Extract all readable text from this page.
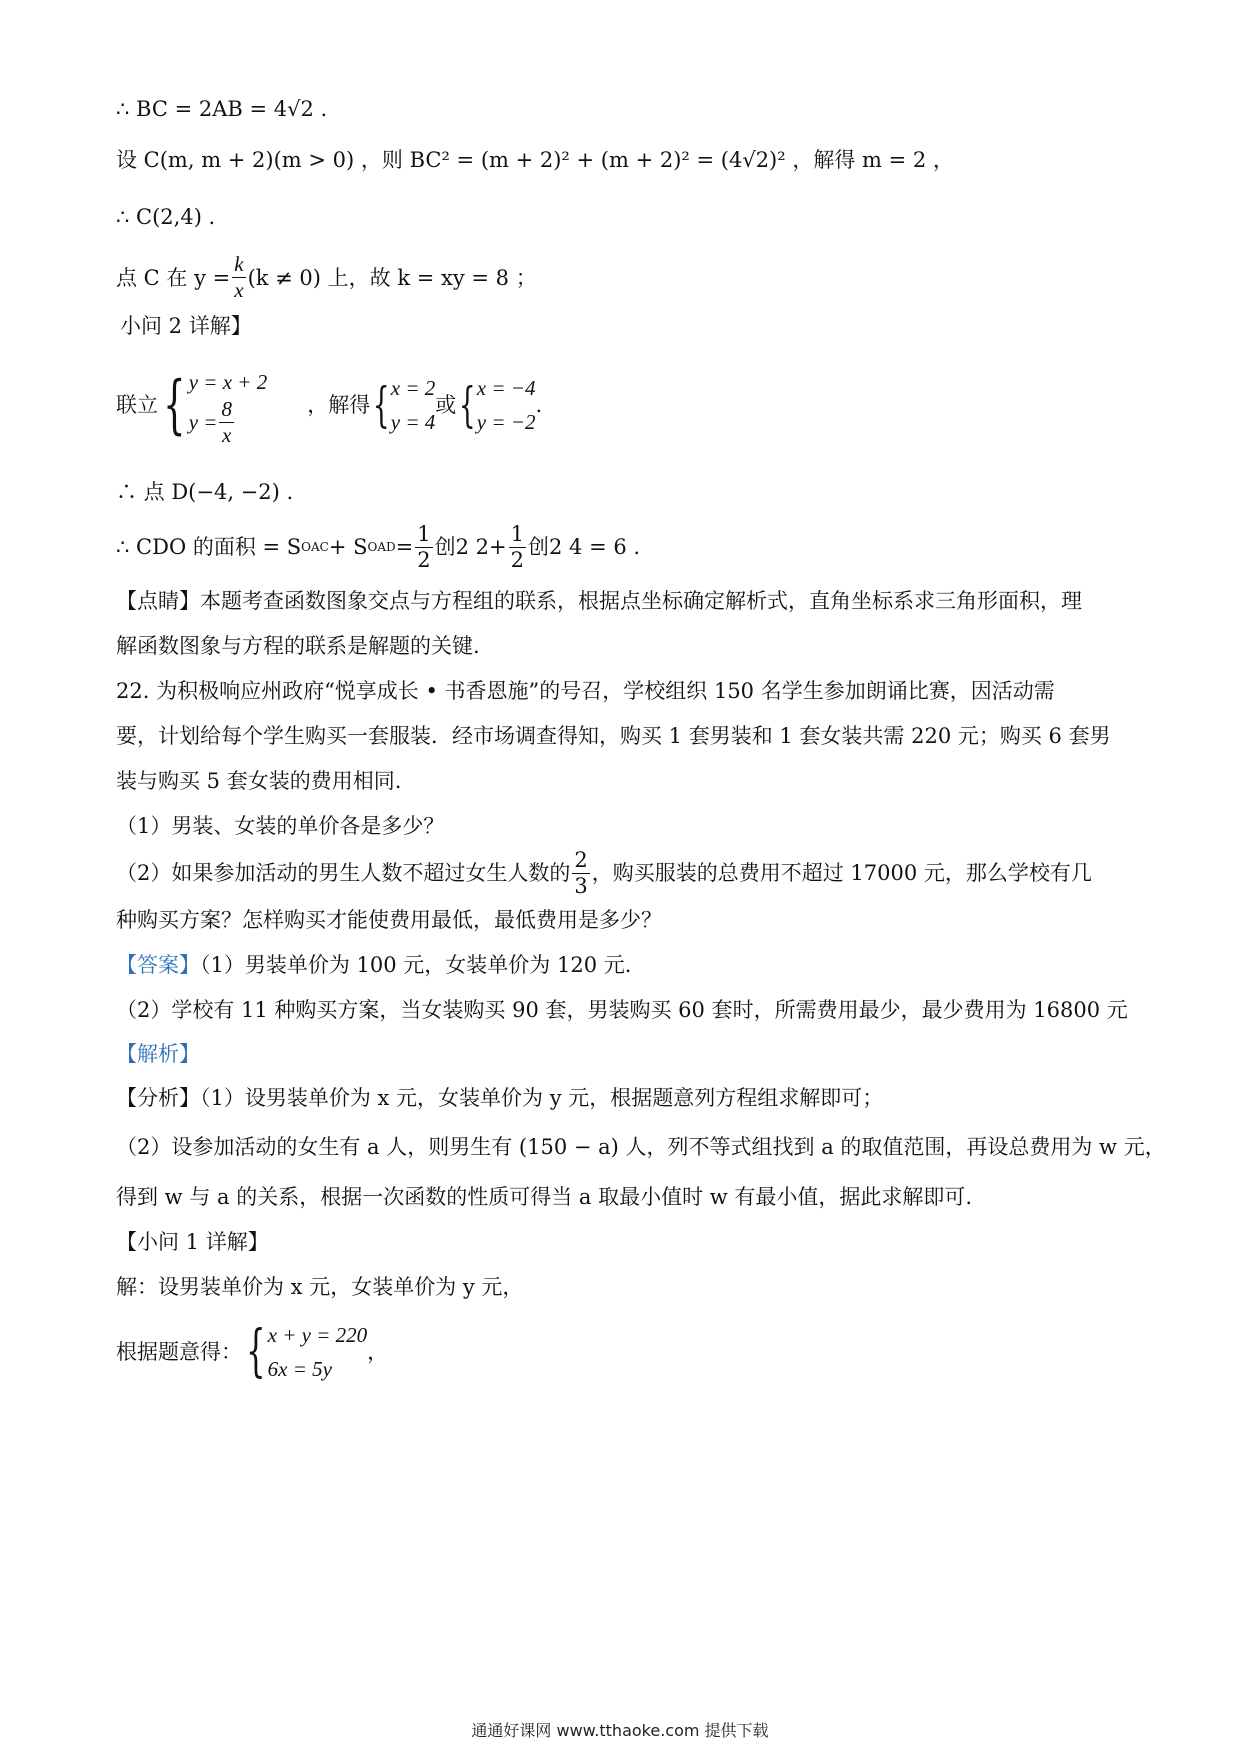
∴ BC = 2AB = 4√2 .
设 C(m, m + 2)(m > 0) ，则 BC² = (m + 2)² + (m + 2)² = (4√2)² ，解得 m = 2 ，
∴ C(2,4) .
点 C 在 $y = \frac{k}{x} (k \ne 0)$ 上，故 k = xy = 8 ；
小问 2 详解】
联立 { y = x + 2
$y = \frac{8}{x}$	，解得 { x = 2
y = 4
或 { x = −4
y = −2
.
∴ 点 D(−4, −2) .
∴ CDO 的面积 = S OAC + S OAD = $\frac{1}{2}$ 创2 $2+ \frac{1}{2}$ 创2 4 = 6 .
【点睛】本题考查函数图象交点与方程组的联系，根据点坐标确定解析式，直角坐标系求三角形面积，理
解函数图象与方程的联系是解题的关键.
22. 为积极响应州政府“悦享成长 • 书香恩施”的号召，学校组织 150 名学生参加朗诵比赛，因活动需
要，计划给每个学生购买一套服装．经市场调查得知，购买 1 套男装和 1 套女装共需 220 元；购买 6 套男
装与购买 5 套女装的费用相同.
（1）男装、女装的单价各是多少？
（2）如果参加活动的男生人数不超过女生人数的 $\frac{2}{3}$ ，购买服装的总费用不超过 17000 元，那么学校有几
种购买方案？怎样购买才能使费用最低，最低费用是多少？
【答案】（1）男装单价为 100 元，女装单价为 120 元.
（2）学校有 11 种购买方案，当女装购买 90 套，男装购买 60 套时，所需费用最少，最少费用为 16800 元
【解析】
【分析】（1）设男装单价为 x 元，女装单价为 y 元，根据题意列方程组求解即可；
（2）设参加活动的女生有 a 人，则男生有 (150 − a) 人，列不等式组找到 a 的取值范围，再设总费用为 w 元，
得到 w 与 a 的关系，根据一次函数的性质可得当 a 取最小值时 w 有最小值，据此求解即可.
【小问 1 详解】
解：设男装单价为 x 元，女装单价为 y 元，
根据题意得： { x + y = 220
6x = 5y
，
通通好课网 www.tthaoke.com 提供下载
